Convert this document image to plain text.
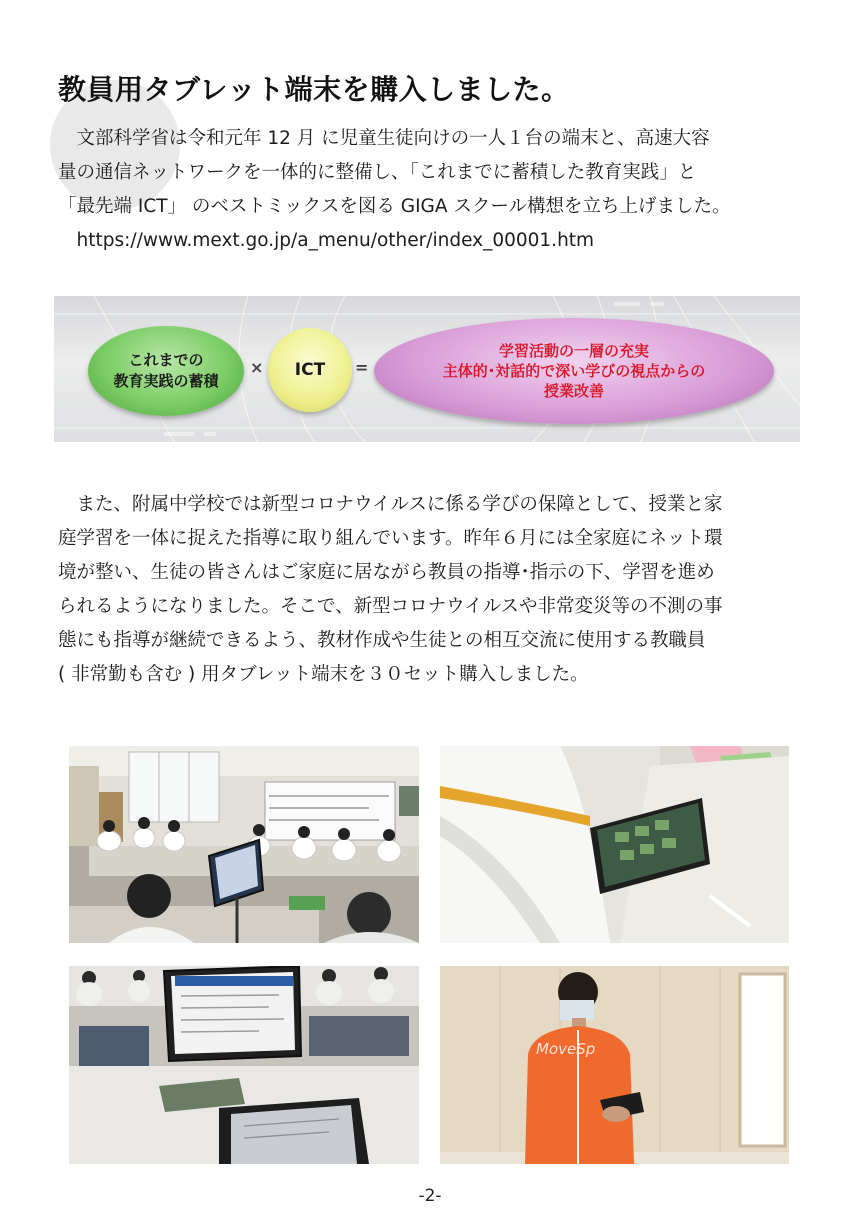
教員用タブレット端末を購入しました。

　文部科学省は令和元年 12 月 に児童生徒向けの一人１台の端末と、高速大容
量の通信ネットワークを一体的に整備し、「これまでに蓄積した教育実践」と
「最先端 ICT」 のベストミックスを図る GIGA スクール構想を立ち上げました。
　https://www.mext.go.jp/a_menu/other/index_00001.htm

これまでの
教育実践の蓄積
× ICT =
学習活動の一層の充実
主体的･対話的で深い学びの視点からの
授業改善

　また、附属中学校では新型コロナウイルスに係る学びの保障として、授業と家
庭学習を一体に捉えた指導に取り組んでいます。昨年６月には全家庭にネット環
境が整い、生徒の皆さんはご家庭に居ながら教員の指導･指示の下、学習を進め
られるようになりました。そこで、新型コロナウイルスや非常変災等の不測の事
態にも指導が継続できるよう、教材作成や生徒との相互交流に使用する教職員
( 非常勤も含む ) 用タブレット端末を３０セット購入しました。

MoveSp
-2-
